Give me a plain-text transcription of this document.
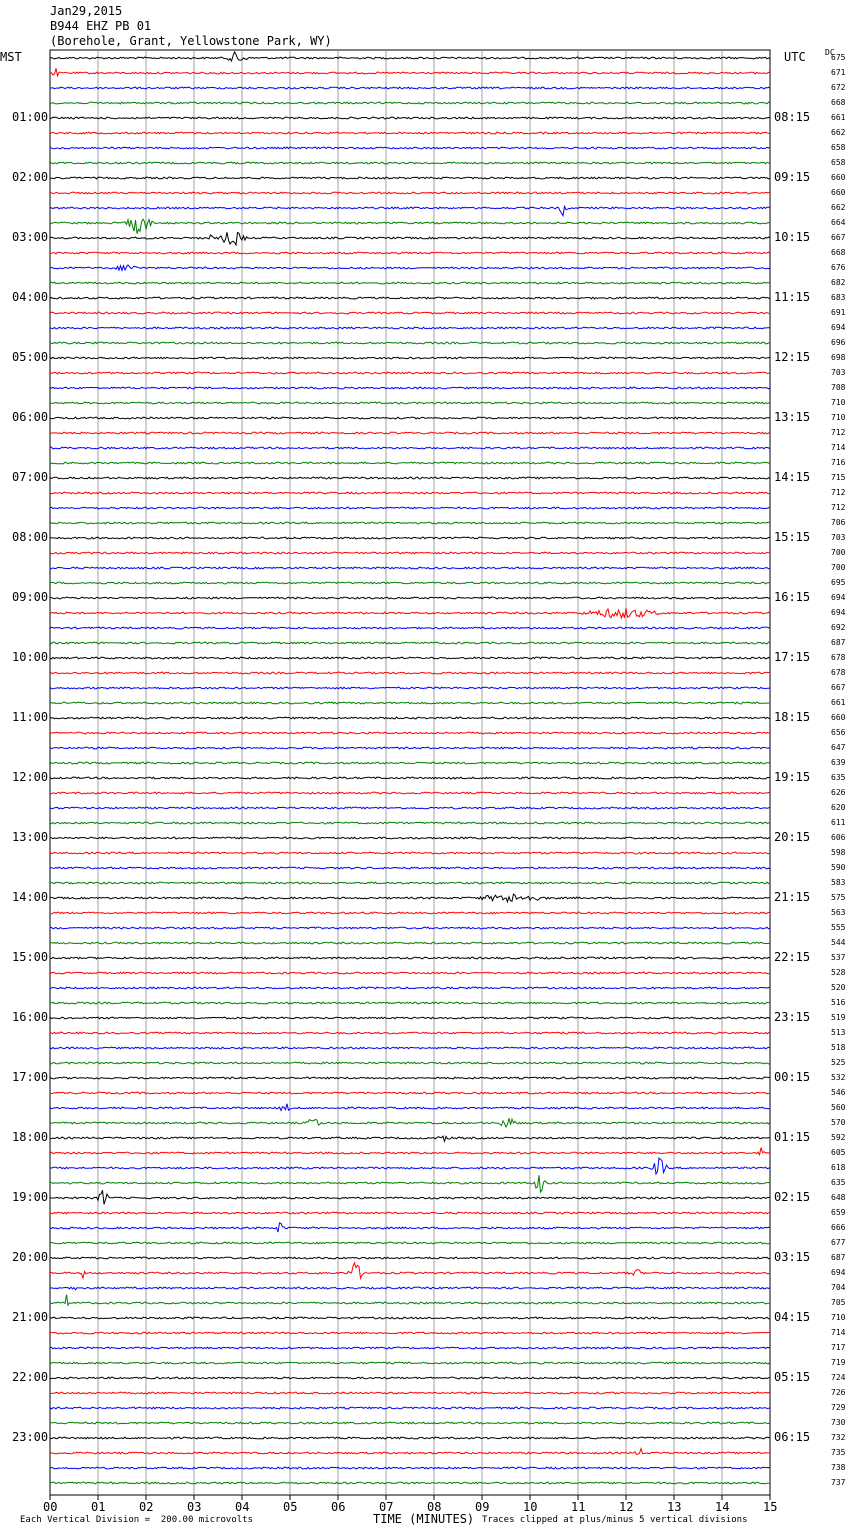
Jan29,2015
B944 EHZ PB 01
(Borehole, Grant, Yellowstone Park, WY)
MST	UTC DC
01:00
02:00
03:00
04:00
05:00
06:00
07:00
08:00
09:00
10:00
11:00
12:00
13:00
14:00
15:00
16:00
17:00
18:00
19:00
20:00
21:00
22:00
23:00
08:15
09:15
10:15
11:15
12:15
13:15
14:15
15:15
16:15
17:15
18:15
19:15
20:15
21:15
22:15
23:15
00:15
01:15
02:15
03:15
04:15
05:15
06:15
675
671
672
668
661
662
658
658
660
660
662
664
667
668
676
682
683
691
694
696
698
703
708
710
710
712
714
716
715
712
712
706
703
700
700
695
694
694
692
687
678
678
667
661
660
656
647
639
635
626
620
611
606
598
590
583
575
563
555
544
537
528
520
516
519
513
518
525
532
546
560
570
592
605
618
635
648
659
666
677
687
694
704
705
710
714
717
719
724
726
729
730
732
735
738
737
00	01	02	03	04	05	06	07	08	09	10	11	12	13	14	15
TIME (MINUTES)
Each Vertical Division =  200.00 microvolts	Traces clipped at plus/minus 5 vertical divisions
